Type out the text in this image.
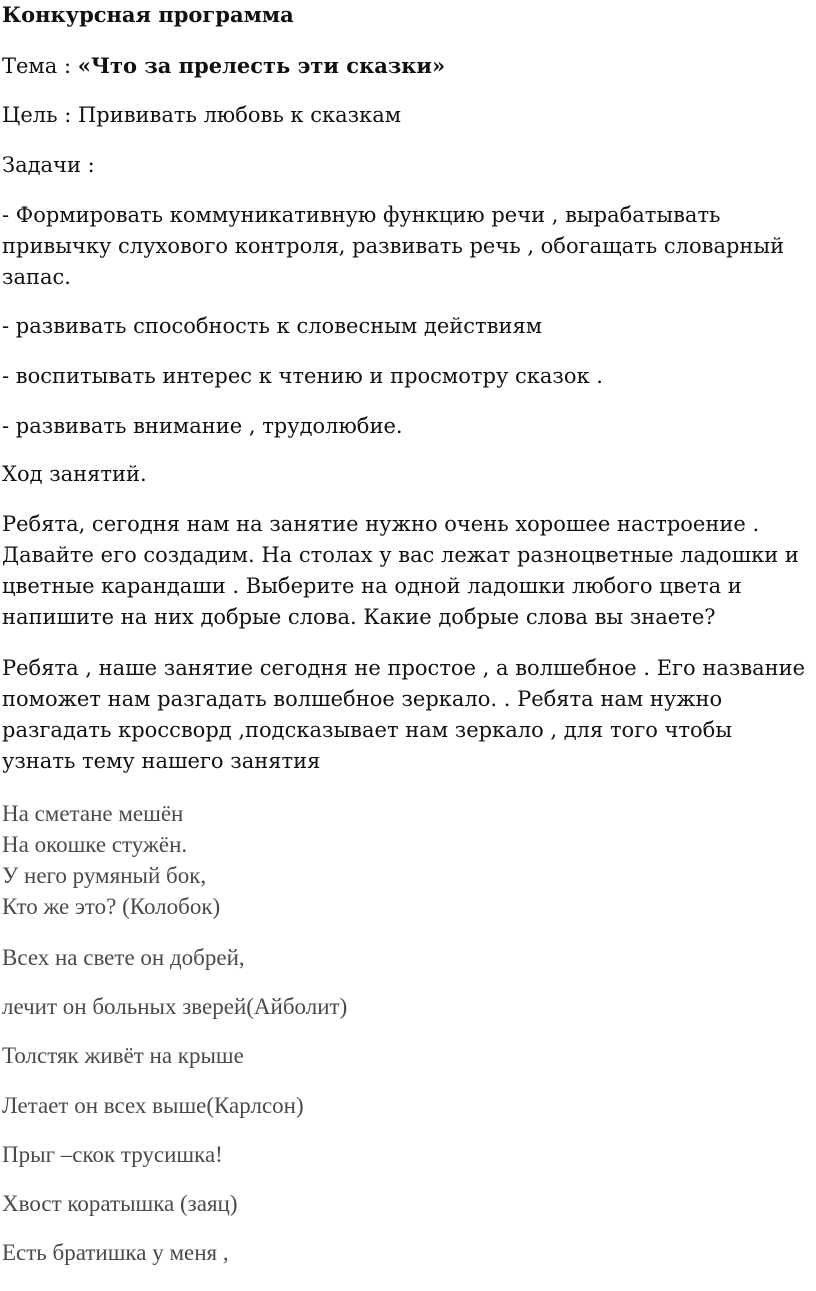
Конкурсная программа
Тема : «Что за прелесть эти сказки»
Цель : Прививать любовь к сказкам
Задачи :
- Формировать коммуникативную функцию речи , вырабатывать
привычку слухового контроля, развивать речь , обогащать словарный
запас.
- развивать способность к словесным действиям
- воспитывать интерес к чтению и просмотру сказок .
- развивать внимание , трудолюбие.
Ход занятий.
Ребята, сегодня нам на занятие нужно очень хорошее настроение .
Давайте его создадим. На столах у вас лежат разноцветные ладошки и
цветные карандаши . Выберите на одной ладошки любого цвета и
напишите на них добрые слова. Какие добрые слова вы знаете?
Ребята , наше занятие сегодня не простое , а волшебное . Его название
поможет нам разгадать волшебное зеркало. . Ребята нам нужно
разгадать кроссворд ,подсказывает нам зеркало , для того чтобы
узнать тему нашего занятия
На сметане мешён
На окошке стужён.
У него румяный бок,
Кто же это? (Колобок)
Всех на свете он добрей,
лечит он больных зверей(Айболит)
Толстяк живёт на крыше
Летает он всех выше(Карлсон)
Прыг –скок трусишка!
Хвост коратышка (заяц)
Есть братишка у меня ,
